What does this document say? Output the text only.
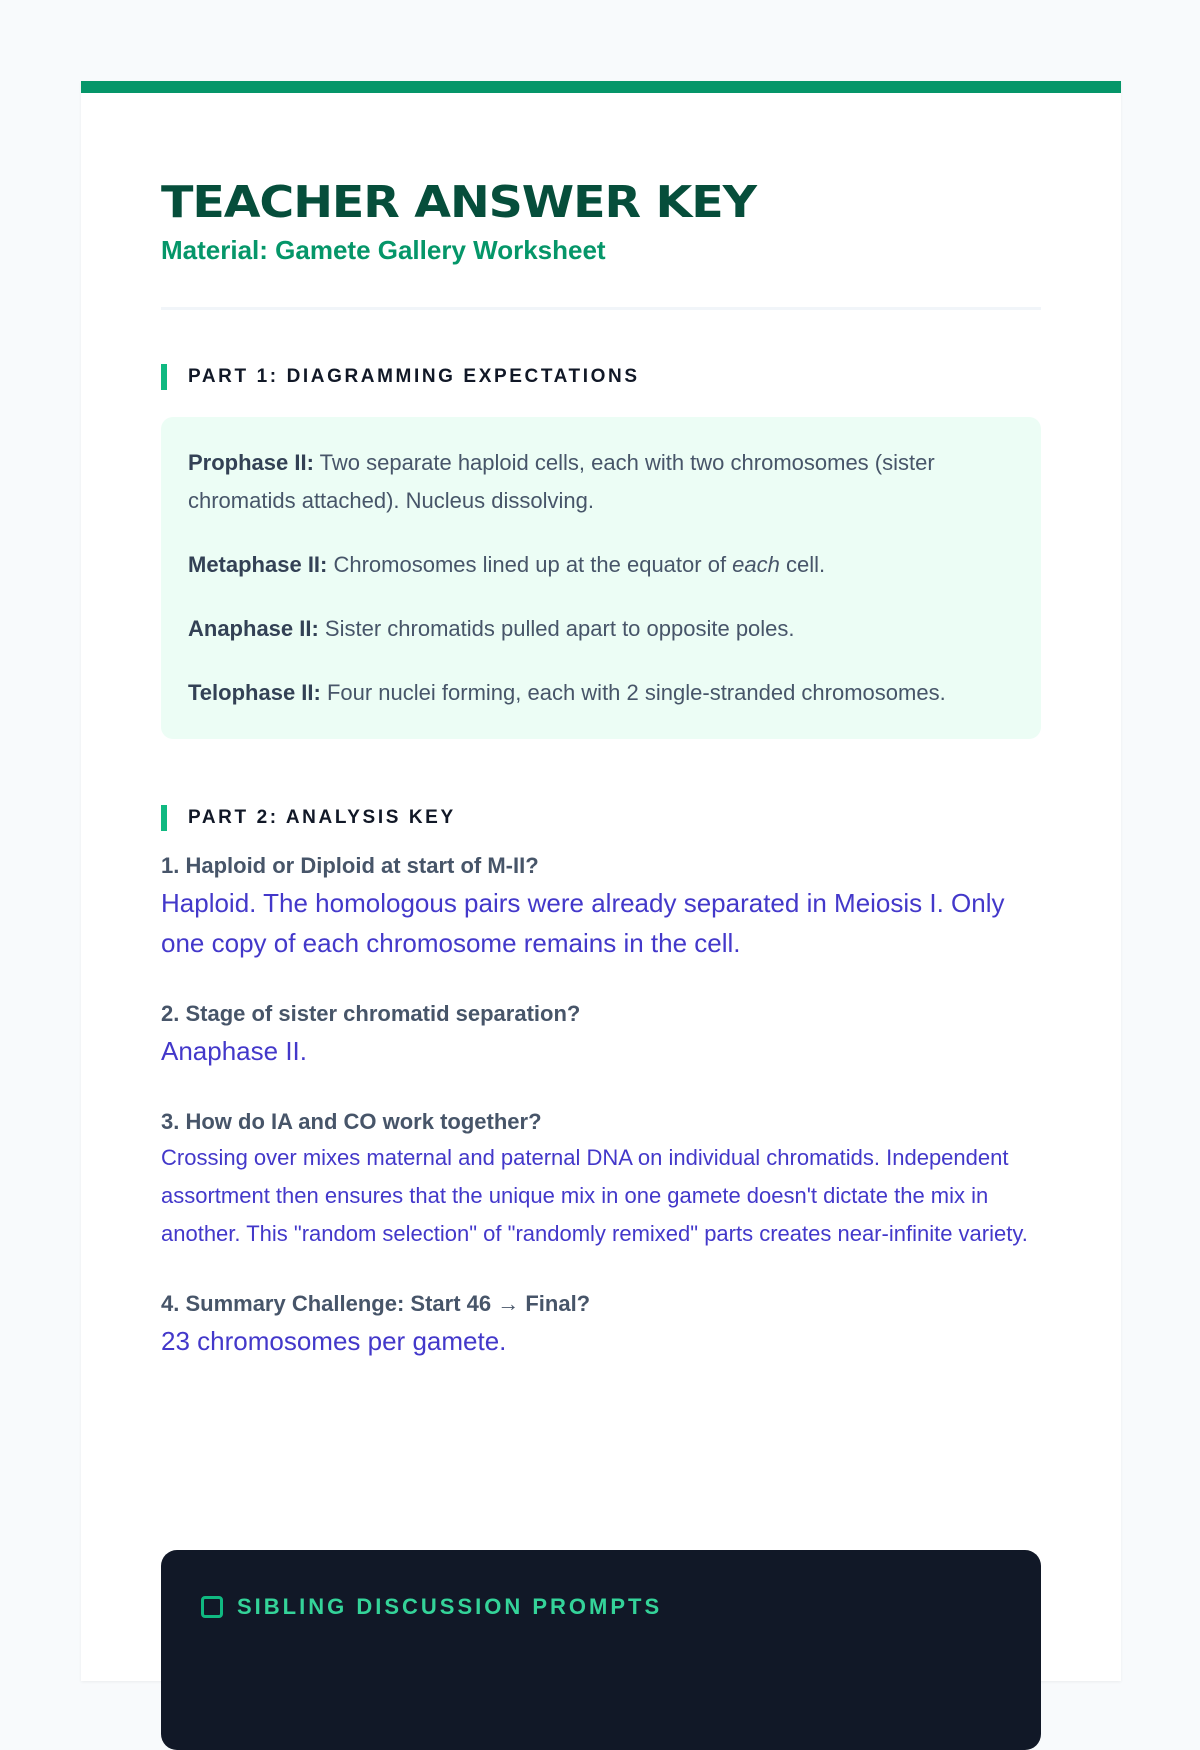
TEACHER ANSWER KEY
Material: Gamete Gallery Worksheet
PART 1: DIAGRAMMING EXPECTATIONS

Prophase II: Two separate haploid cells, each with two chromosomes (sister chromatids attached). Nucleus dissolving.

Metaphase II: Chromosomes lined up at the equator of each cell.

Anaphase II: Sister chromatids pulled apart to opposite poles.

Telophase II: Four nuclei forming, each with 2 single-stranded chromosomes.

PART 2: ANALYSIS KEY
1. Haploid or Diploid at start of M-II?
Haploid. The homologous pairs were already separated in Meiosis I. Only one copy of each chromosome remains in the cell.
2. Stage of sister chromatid separation?
Anaphase II.
3. How do IA and CO work together?
Crossing over mixes maternal and paternal DNA on individual chromatids. Independent assortment then ensures that the unique mix in one gamete doesn't dictate the mix in another. This "random selection" of "randomly remixed" parts creates near-infinite variety.
4. Summary Challenge: Start 46 → Final?
23 chromosomes per gamete.
SIBLING DISCUSSION PROMPTS
